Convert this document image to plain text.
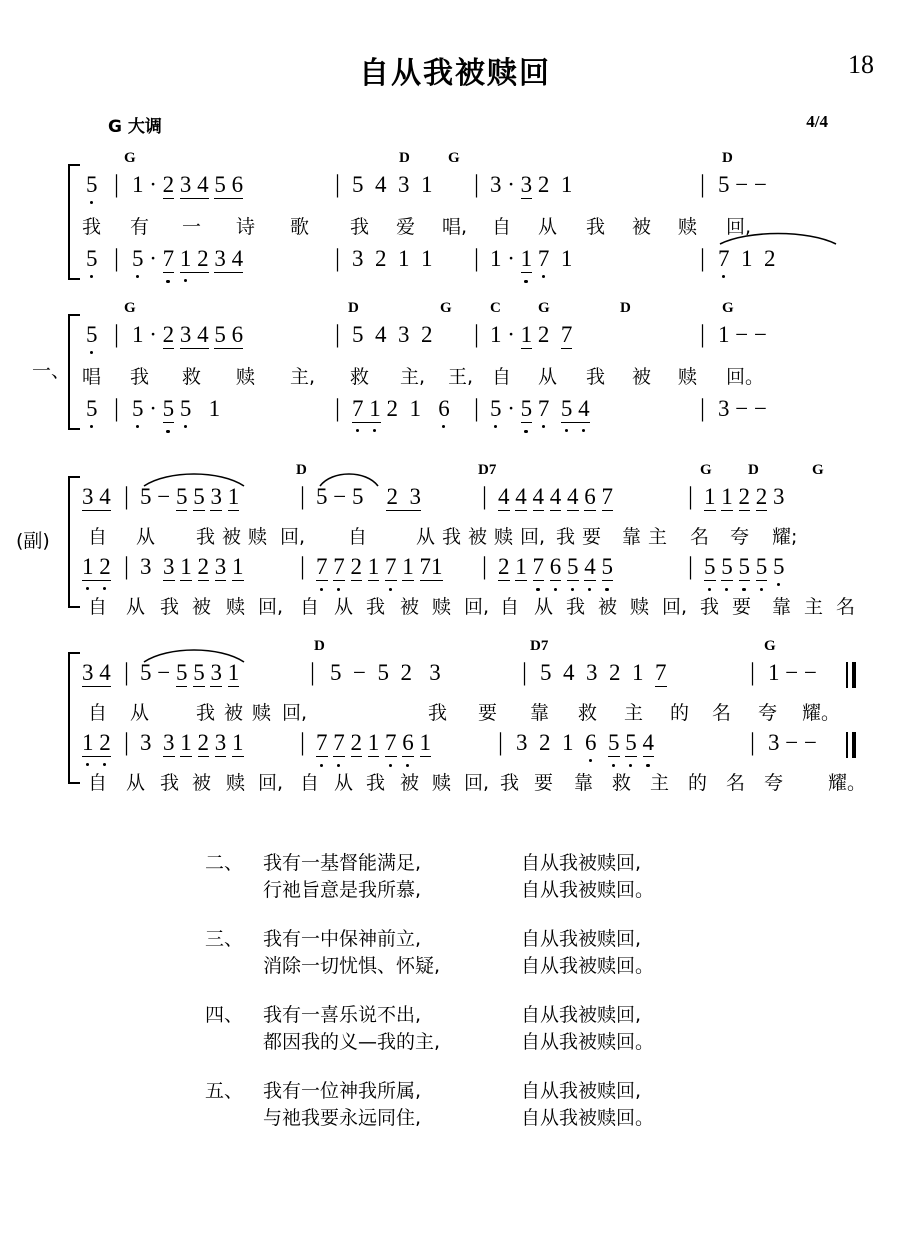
自从我被赎回	18
G 大调	4/4
一、
G	D	G	D
5 | 1 · 2 3 4 5 6	| 5  4  3  1 | 3 · 3 2  1	| 5 − −
我 有 一 诗 歌 我 爱 唱, 自 从 我 被 赎 回,
5 | 5 · 7 1 2 3 4	| 3  2  1  1 | 1 · 1 7  1	| 7  1  2
G	D	G	C G	D	G
5 | 1 · 2 3 4 5 6	| 5  4  3  2 | 1 · 1 2  7	| 1 − −
唱 我 救 赎 主, 救 主, 王, 自 从 我 被 赎 回。
5 | 5 · 5 5   1	| 7 1 2  1   6 | 5 · 5 7 5 4	| 3 − −
(副)
D	D7	G D	G
3 4 | 5 − 5 5 3 1 | 5 − 5    2  3 | 4 4 4 4 4 6 7	| 1 1 2 2 3
自 从 我 被 赎 回, 自	从 我 被 赎 回, 我 要 靠 主 名 夸 耀;
1 2 | 3  3 1 2 3 1 | 7 7 2 1 7 1 71 | 2 1 7 6 5 4 5	| 5 5 5 5 5
自 从 我 被 赎 回, 自 从 我 被 赎 回, 自 从 我 被 赎 回, 我 要 靠 主 名
D	D7	G
3 4 | 5 − 5 5 3 1	| 5  −  5  2   3	| 5  4  3  2  1  7	| 1 − −
自 从 我 被 赎 回,	我 要 靠 救 主 的 名 夸 耀。
1 2 | 3  3 1 2 3 1 | 7 7 2 1 7 6 1	| 3  2  1  6 5 5 4	| 3 − −
自 从 我 被 赎 回, 自 从 我 被 赎 回, 我 要 靠 救 主 的 名 夸 耀。
二、	我有一基督能满足,	自从我被赎回,
行祂旨意是我所慕,	自从我被赎回。
三、	我有一中保神前立,	自从我被赎回,
消除一切忧惧、怀疑,	自从我被赎回。
四、	我有一喜乐说不出,	自从我被赎回,
都因我的义—我的主,	自从我被赎回。
五、	我有一位神我所属,	自从我被赎回,
与祂我要永远同住,	自从我被赎回。
